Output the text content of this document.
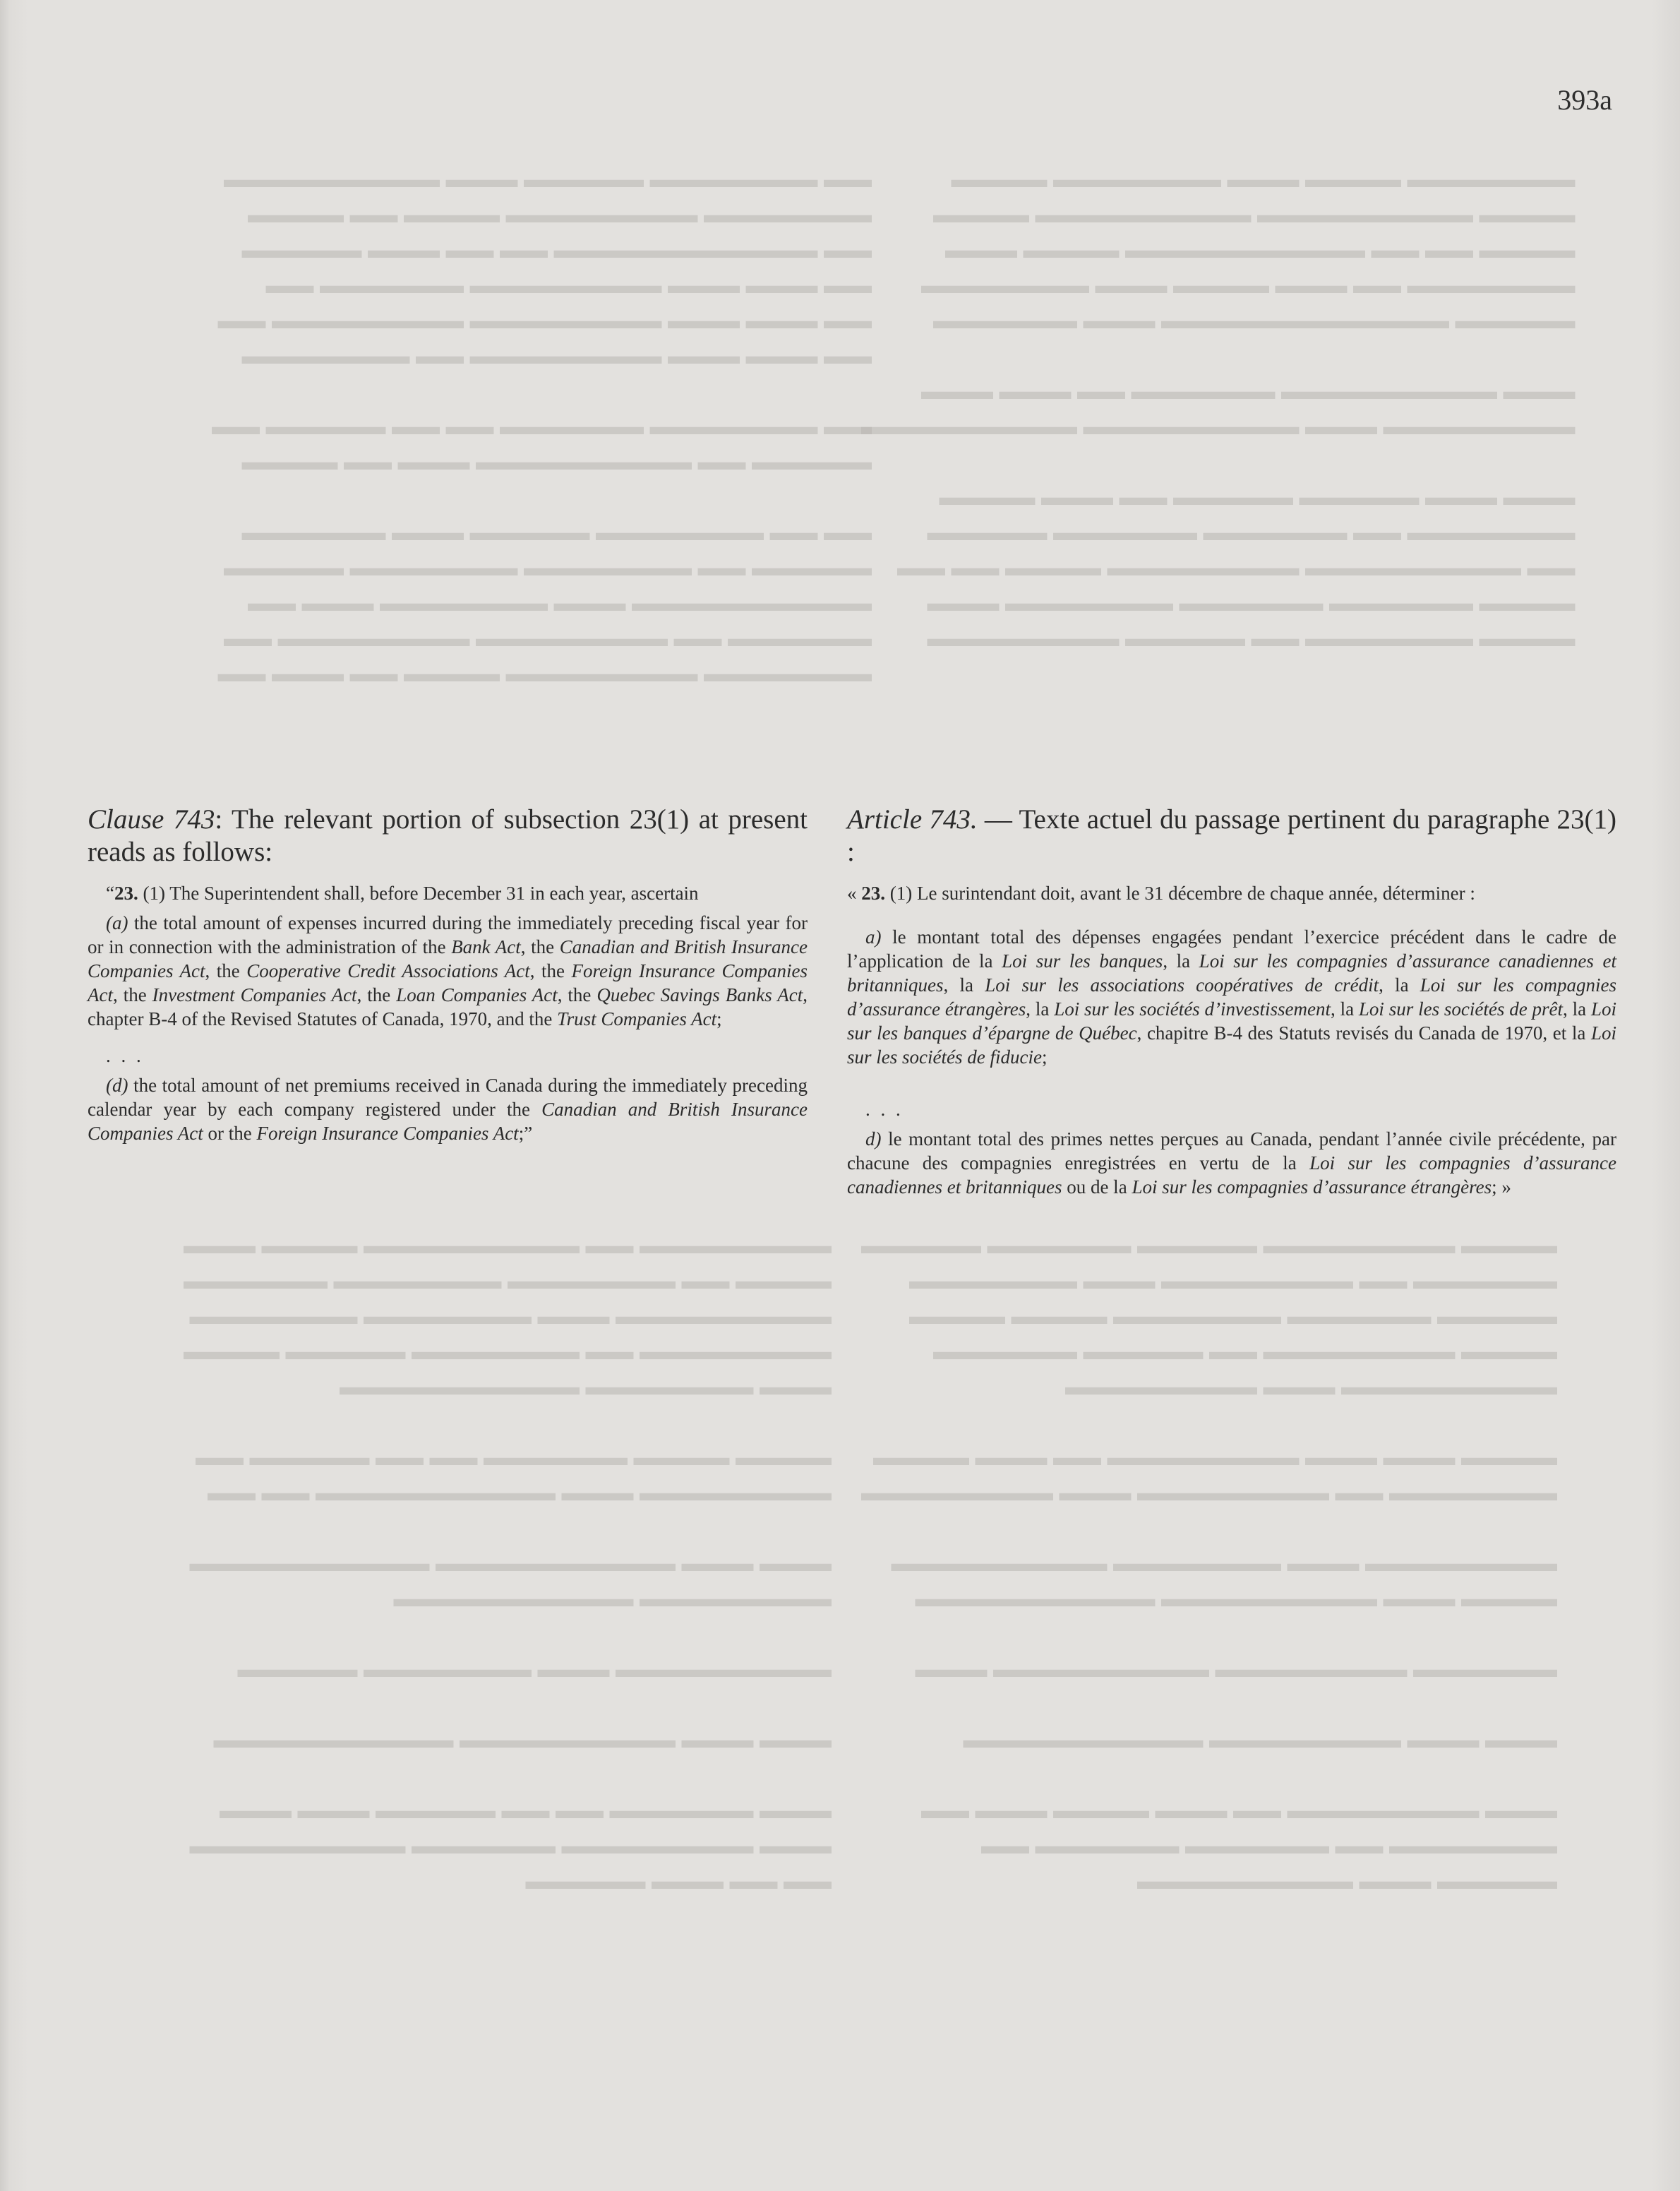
▬▬▬▬▬▬▬ ▬▬▬▬ ▬▬▬ ▬▬▬▬▬▬▬ ▬▬▬▬
▬▬▬▬ ▬▬▬▬▬▬▬▬▬ ▬▬▬▬▬▬▬▬▬ ▬▬▬▬
▬▬▬▬ ▬▬ ▬▬ ▬▬▬▬▬▬▬▬▬▬ ▬▬▬▬ ▬▬▬
▬▬▬▬▬▬▬ ▬▬ ▬▬▬ ▬▬▬▬ ▬▬▬ ▬▬▬▬▬▬▬
▬▬▬▬▬ ▬▬▬▬▬▬▬▬▬▬▬▬ ▬▬▬ ▬▬▬▬▬▬

▬▬▬ ▬▬▬▬▬▬▬▬▬ ▬▬▬▬▬▬ ▬▬ ▬▬▬ ▬▬▬
▬▬▬▬▬▬▬▬ ▬▬▬ ▬▬▬▬▬▬▬▬▬ ▬▬▬▬▬▬▬▬▬

▬▬▬ ▬▬▬ ▬▬▬▬▬ ▬▬▬▬▬ ▬▬ ▬▬▬ ▬▬▬▬
▬▬▬▬▬▬▬ ▬▬ ▬▬▬▬▬▬ ▬▬▬▬▬▬ ▬▬▬▬▬
▬▬ ▬▬▬▬▬▬▬▬▬ ▬▬▬▬▬▬▬▬ ▬▬▬▬ ▬▬ ▬▬
▬▬▬▬ ▬▬▬▬▬▬ ▬▬▬▬▬▬ ▬▬▬▬▬▬▬ ▬▬▬
▬▬▬▬ ▬▬▬▬▬▬▬ ▬▬ ▬▬▬▬▬ ▬▬▬▬▬▬▬▬
▬▬ ▬▬▬▬▬▬▬ ▬▬▬▬▬ ▬▬▬ ▬▬▬▬▬▬▬▬▬
▬▬▬▬▬▬▬ ▬▬▬▬▬▬▬▬ ▬▬▬▬ ▬▬ ▬▬▬▬
▬▬ ▬▬▬▬▬▬▬▬▬▬▬ ▬▬ ▬▬ ▬▬▬ ▬▬▬▬▬
▬▬ ▬▬▬ ▬▬▬ ▬▬▬▬▬▬▬▬ ▬▬▬▬▬▬ ▬▬
▬▬ ▬▬▬ ▬▬▬ ▬▬▬▬▬▬▬▬ ▬▬▬▬▬▬▬▬ ▬▬
▬▬ ▬▬▬ ▬▬▬ ▬▬▬▬▬▬▬▬ ▬▬ ▬▬▬▬▬▬▬

▬▬ ▬▬▬▬▬▬▬ ▬▬▬▬▬▬ ▬▬ ▬▬ ▬▬▬▬▬ ▬▬
▬▬▬▬▬ ▬▬ ▬▬▬▬▬▬▬▬▬ ▬▬▬ ▬▬ ▬▬▬▬

▬▬ ▬▬ ▬▬▬▬▬▬▬ ▬▬▬▬▬ ▬▬▬ ▬▬▬▬▬▬
▬▬▬▬▬ ▬▬ ▬▬▬▬▬▬▬ ▬▬▬▬▬▬▬ ▬▬▬▬▬
▬▬▬▬▬▬▬▬▬▬ ▬▬▬ ▬▬▬▬▬▬▬ ▬▬▬ ▬▬
▬▬▬▬▬▬ ▬▬ ▬▬▬▬▬▬▬▬ ▬▬▬▬▬▬▬▬ ▬▬
▬▬▬▬▬▬▬ ▬▬▬▬▬▬▬▬ ▬▬▬▬ ▬▬ ▬▬▬ ▬▬
▬▬▬▬ ▬▬▬▬▬▬▬▬ ▬▬▬▬▬ ▬▬▬▬▬▬ ▬▬▬▬▬
▬▬▬▬▬▬ ▬▬ ▬▬▬▬▬▬▬▬ ▬▬▬ ▬▬▬▬▬▬▬
▬▬▬▬▬ ▬▬▬▬▬▬ ▬▬▬▬▬▬▬ ▬▬▬▬ ▬▬▬▬
▬▬▬▬ ▬▬▬▬▬▬▬▬ ▬▬ ▬▬▬▬▬ ▬▬▬▬▬▬
▬▬▬▬▬▬▬▬▬ ▬▬▬ ▬▬▬▬▬▬▬▬

▬▬▬▬ ▬▬▬ ▬▬▬ ▬▬▬▬▬▬▬▬ ▬▬ ▬▬▬ ▬▬▬▬
▬▬▬▬▬▬▬ ▬▬ ▬▬▬▬▬▬▬▬ ▬▬▬ ▬▬▬▬▬▬▬▬

▬▬▬▬▬▬▬▬ ▬▬▬ ▬▬▬▬▬▬▬ ▬▬▬▬▬▬▬▬▬
▬▬▬▬ ▬▬▬ ▬▬▬▬▬▬▬▬▬ ▬▬▬▬▬▬▬▬▬▬

▬▬▬▬▬▬ ▬▬▬▬▬▬▬▬ ▬▬▬▬▬▬▬▬▬ ▬▬▬

▬▬▬ ▬▬▬ ▬▬▬▬▬▬▬▬ ▬▬▬▬▬▬▬▬▬▬

▬▬▬ ▬▬▬▬▬▬▬▬ ▬▬ ▬▬▬ ▬▬▬▬ ▬▬▬ ▬▬
▬▬▬▬▬▬▬ ▬▬ ▬▬▬▬▬▬ ▬▬▬▬▬▬ ▬▬
▬▬▬▬▬ ▬▬▬ ▬▬▬▬▬▬▬▬▬
▬▬▬▬▬▬▬▬ ▬▬ ▬▬▬▬▬▬▬▬▬ ▬▬▬▬ ▬▬▬
▬▬▬▬ ▬▬ ▬▬▬▬▬▬▬ ▬▬▬▬▬▬▬ ▬▬▬▬▬▬
▬▬▬▬▬▬▬▬▬ ▬▬▬ ▬▬▬▬▬▬▬ ▬▬▬▬▬▬▬
▬▬▬▬▬▬▬▬ ▬▬ ▬▬▬▬▬▬▬ ▬▬▬▬▬ ▬▬▬▬
▬▬▬ ▬▬▬▬▬▬▬ ▬▬▬▬▬▬▬▬▬▬

▬▬▬▬ ▬▬▬▬ ▬▬▬▬▬▬ ▬▬ ▬▬ ▬▬▬▬▬ ▬▬
▬▬▬▬▬▬▬▬ ▬▬▬ ▬▬▬▬▬▬▬▬▬▬ ▬▬ ▬▬

▬▬▬ ▬▬▬ ▬▬▬▬▬▬▬▬▬▬ ▬▬▬▬▬▬▬▬▬▬
▬▬▬▬▬▬▬▬ ▬▬▬▬▬▬▬▬▬▬

▬▬▬▬▬▬▬▬▬ ▬▬▬ ▬▬▬▬▬▬▬ ▬▬▬▬▬

▬▬▬ ▬▬▬ ▬▬▬▬▬▬▬▬▬ ▬▬▬▬▬▬▬▬▬▬

▬▬▬ ▬▬▬▬▬▬ ▬▬ ▬▬ ▬▬▬▬▬ ▬▬▬ ▬▬▬
▬▬▬ ▬▬▬▬▬▬▬▬ ▬▬▬▬▬▬ ▬▬▬▬▬▬▬▬▬
▬▬ ▬▬ ▬▬▬ ▬▬▬▬▬
393a

Clause 743: The relevant portion of subsection 23(1) at present reads as follows:

“23. (1) The Superintendent shall, before December 31 in each year, ascertain

(a) the total amount of expenses incurred during the immediately preceding fiscal year for or in connection with the administration of the Bank Act, the Canadian and British Insurance Companies Act, the Cooperative Credit Associations Act, the Foreign Insurance Companies Act, the Investment Companies Act, the Loan Companies Act, the Quebec Savings Banks Act, chapter B-4 of the Revised Statutes of Canada, 1970, and the Trust Companies Act;

. . .

(d) the total amount of net premiums received in Canada during the immediately preceding calendar year by each company registered under the Canadian and British Insurance Companies Act or the Foreign Insurance Companies Act;”

Article 743. — Texte actuel du passage pertinent du paragraphe 23(1) :

« 23. (1) Le surintendant doit, avant le 31 décembre de chaque année, déterminer :

a) le montant total des dépenses engagées pendant l’exercice précédent dans le cadre de l’application de la Loi sur les banques, la Loi sur les compagnies d’assurance canadiennes et britanniques, la Loi sur les associations coopératives de crédit, la Loi sur les compagnies d’assurance étrangères, la Loi sur les sociétés d’investissement, la Loi sur les sociétés de prêt, la Loi sur les banques d’épargne de Québec, chapitre B-4 des Statuts revisés du Canada de 1970, et la Loi sur les sociétés de fiducie;

. . .

d) le montant total des primes nettes perçues au Canada, pendant l’année civile précédente, par chacune des compagnies enregistrées en vertu de la Loi sur les compagnies d’assurance canadiennes et britanniques ou de la Loi sur les compagnies d’assurance étrangères; »
